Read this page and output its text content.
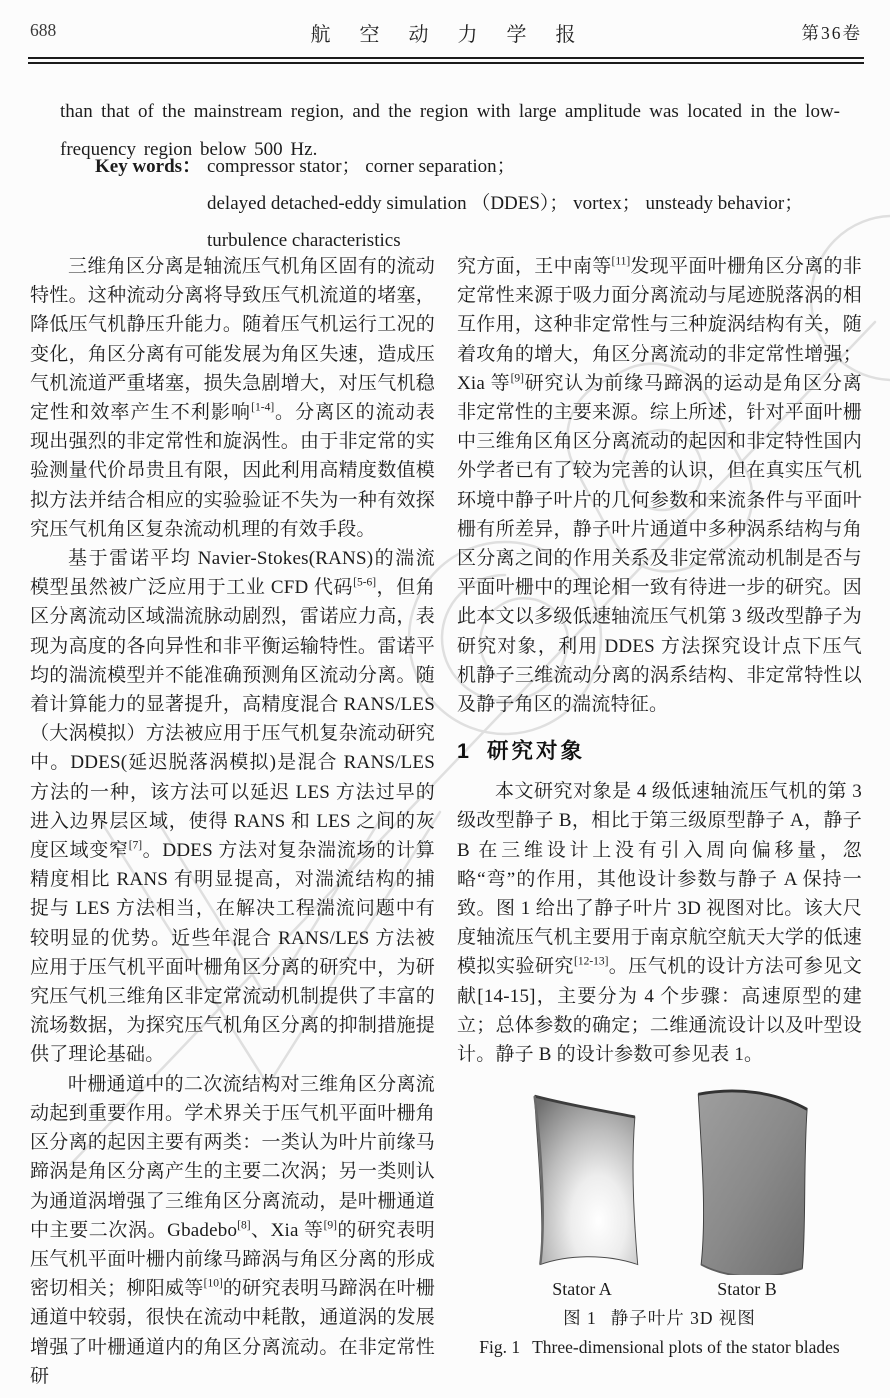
688	航 空 动 力 学 报	第36卷

than that of the mainstream region, and the region with large amplitude was located in the low-frequency region below 500 Hz.

Key words： compressor stator； corner separation；
delayed detached-eddy simulation （DDES）； vortex； unsteady behavior；
turbulence characteristics

三维角区分离是轴流压气机角区固有的流动特性。这种流动分离将导致压气机流道的堵塞，降低压气机静压升能力。随着压气机运行工况的变化，角区分离有可能发展为角区失速，造成压气机流道严重堵塞，损失急剧增大，对压气机稳定性和效率产生不利影响[1-4]。分离区的流动表现出强烈的非定常性和旋涡性。由于非定常的实验测量代价昂贵且有限，因此利用高精度数值模拟方法并结合相应的实验验证不失为一种有效探究压气机角区复杂流动机理的有效手段。

基于雷诺平均 Navier-Stokes(RANS)的湍流模型虽然被广泛应用于工业 CFD 代码[5-6]，但角区分离流动区域湍流脉动剧烈，雷诺应力高，表现为高度的各向异性和非平衡运输特性。雷诺平均的湍流模型并不能准确预测角区流动分离。随着计算能力的显著提升，高精度混合 RANS/LES（大涡模拟）方法被应用于压气机复杂流动研究中。DDES(延迟脱落涡模拟)是混合 RANS/LES 方法的一种，该方法可以延迟 LES 方法过早的进入边界层区域，使得 RANS 和 LES 之间的灰度区域变窄[7]。DDES 方法对复杂湍流场的计算精度相比 RANS 有明显提高，对湍流结构的捕捉与 LES 方法相当，在解决工程湍流问题中有较明显的优势。近些年混合 RANS/LES 方法被应用于压气机平面叶栅角区分离的研究中，为研究压气机三维角区非定常流动机制提供了丰富的流场数据，为探究压气机角区分离的抑制措施提供了理论基础。

叶栅通道中的二次流结构对三维角区分离流动起到重要作用。学术界关于压气机平面叶栅角区分离的起因主要有两类：一类认为叶片前缘马蹄涡是角区分离产生的主要二次涡；另一类则认为通道涡增强了三维角区分离流动，是叶栅通道中主要二次涡。Gbadebo[8]、Xia 等[9]的研究表明压气机平面叶栅内前缘马蹄涡与角区分离的形成密切相关；柳阳威等[10]的研究表明马蹄涡在叶栅通道中较弱，很快在流动中耗散，通道涡的发展增强了叶栅通道内的角区分离流动。在非定常性研

究方面，王中南等[11]发现平面叶栅角区分离的非定常性来源于吸力面分离流动与尾迹脱落涡的相互作用，这种非定常性与三种旋涡结构有关，随着攻角的增大，角区分离流动的非定常性增强；Xia 等[9]研究认为前缘马蹄涡的运动是角区分离非定常性的主要来源。综上所述，针对平面叶栅中三维角区角区分离流动的起因和非定特性国内外学者已有了较为完善的认识，但在真实压气机环境中静子叶片的几何参数和来流条件与平面叶栅有所差异，静子叶片通道中多种涡系结构与角区分离之间的作用关系及非定常流动机制是否与平面叶栅中的理论相一致有待进一步的研究。因此本文以多级低速轴流压气机第 3 级改型静子为研究对象，利用 DDES 方法探究设计点下压气机静子三维流动分离的涡系结构、非定常特性以及静子角区的湍流特征。

1 研究对象

本文研究对象是 4 级低速轴流压气机的第 3 级改型静子 B，相比于第三级原型静子 A，静子 B 在三维设计上没有引入周向偏移量，忽略“弯”的作用，其他设计参数与静子 A 保持一致。图 1 给出了静子叶片 3D 视图对比。该大尺度轴流压气机主要用于南京航空航天大学的低速模拟实验研究[12-13]。压气机的设计方法可参见文献[14-15]，主要分为 4 个步骤：高速原型的建立；总体参数的确定；二维通流设计以及叶型设计。静子 B 的设计参数可参见表 1。

Stator A	Stator B
图 1 静子叶片 3D 视图
Fig. 1 Three-dimensional plots of the stator blades
